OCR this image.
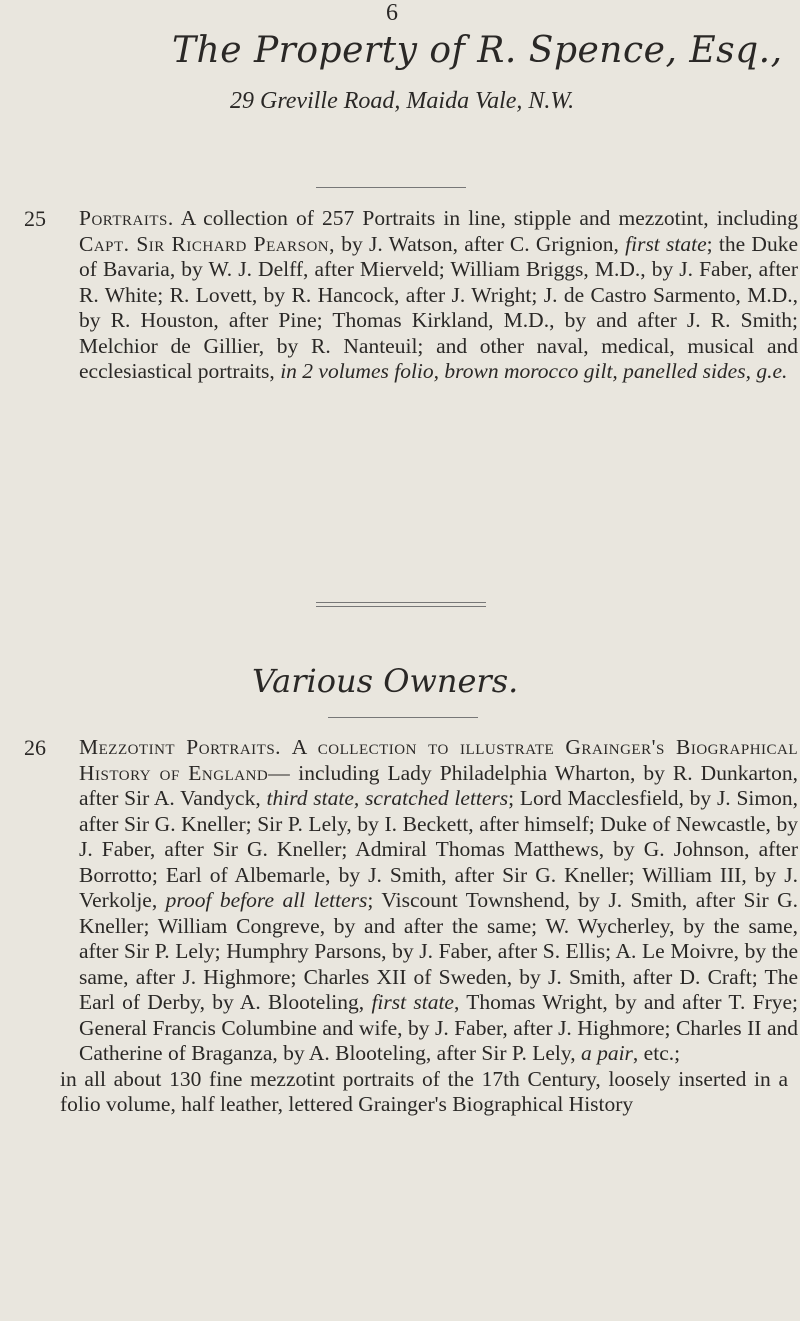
6
The Property of R. Spence, Esq.,
29 Greville Road, Maida Vale, N.W.
25 Portraits. A collection of 257 Portraits in line, stipple and mezzotint, including Capt. Sir Richard Pearson, by J. Watson, after C. Grignion, first state; the Duke of Bavaria, by W. J. Delff, after Mierveld; William Briggs, M.D., by J. Faber, after R. White; R. Lovett, by R. Hancock, after J. Wright; J. de Castro Sarmento, M.D., by R. Houston, after Pine; Thomas Kirkland, M.D., by and after J. R. Smith; Melchior de Gillier, by R. Nanteuil; and other naval, medical, musical and ecclesiastical portraits, in 2 volumes folio, brown morocco gilt, panelled sides, g.e.
Various Owners.
26 Mezzotint Portraits. A collection to illustrate Grainger's Biographical History of England— including Lady Philadelphia Wharton, by R. Dunkarton, after Sir A. Vandyck, third state, scratched letters; Lord Macclesfield, by J. Simon, after Sir G. Kneller; Sir P. Lely, by I. Beckett, after himself; Duke of Newcastle, by J. Faber, after Sir G. Kneller; Admiral Thomas Matthews, by G. Johnson, after Borrotto; Earl of Albemarle, by J. Smith, after Sir G. Kneller; William III, by J. Verkolje, proof before all letters; Viscount Townshend, by J. Smith, after Sir G. Kneller; William Congreve, by and after the same; W. Wycherley, by the same, after Sir P. Lely; Humphry Parsons, by J. Faber, after S. Ellis; A. Le Moivre, by the same, after J. Highmore; Charles XII of Sweden, by J. Smith, after D. Craft; The Earl of Derby, by A. Blooteling, first state, Thomas Wright, by and after T. Frye; General Francis Columbine and wife, by J. Faber, after J. Highmore; Charles II and Catherine of Braganza, by A. Blooteling, after Sir P. Lely, a pair, etc.;
in all about 130 fine mezzotint portraits of the 17th Century, loosely inserted in a folio volume, half leather, lettered Grainger's Biographical History
